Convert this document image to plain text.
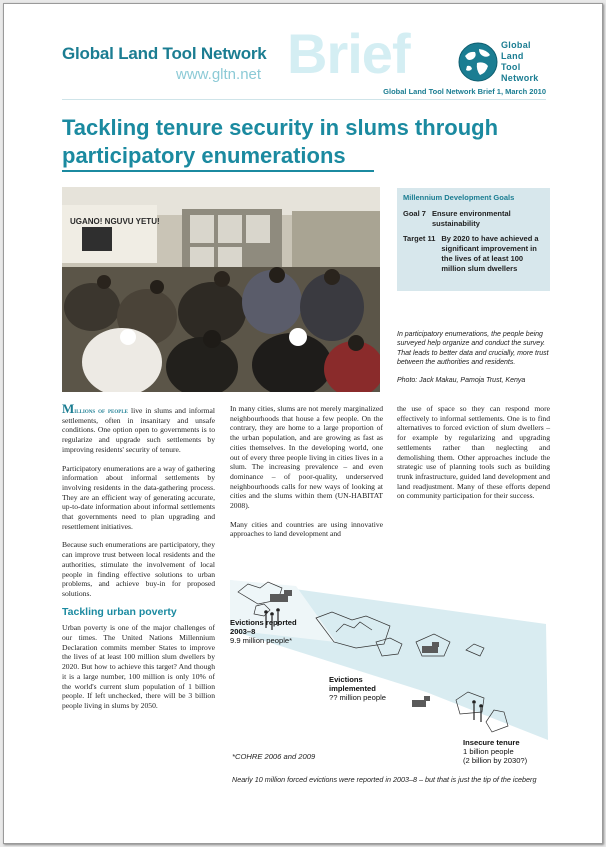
Brief
Global Land Tool Network
www.gltn.net
Global
Land
Tool
Network
Global Land Tool Network Brief 1, March 2010
Tackling tenure security in slums through
participatory enumerations
UGANO! NGUVU YETU!
Millennium Development Goals
Goal 7 Ensure environmental sustainability
Target 11 By 2020 to have achieved a significant improvement in the lives of at least 100 million slum dwellers

In participatory enumerations, the people being surveyed help organize and conduct the survey. That leads to better data and crucially, more trust between the authorities and residents.

Photo: Jack Makau, Pamoja Trust, Kenya

Millions of people live in slums and informal settlements, often in insanitary and unsafe conditions. One option open to governments is to regularize and upgrade such settlements by improving residents' security of tenure.

Participatory enumerations are a way of gathering information about informal settlements by involving residents in the data-gathering process. They are an efficient way of generating accurate, up-to-date information about informal settlements that governments need to plan upgrading and resettlement initiatives.

Because such enumerations are participatory, they can improve trust between local residents and the authorities, stimulate the involvement of local people in finding effective solutions to urban problems, and achieve buy-in for proposed solutions.

Tackling urban poverty

Urban poverty is one of the major challenges of our times. The United Nations Millennium Declaration commits member States to improve the lives of at least 100 million slum dwellers by 2020. But how to achieve this target? And though it is a large number, 100 million is only 10% of the world's current slum population of 1 billion people. If left unchecked, there will be 3 billion people living in slums by 2050.

In many cities, slums are not merely marginalized neighbourhoods that house a few people. On the contrary, they are home to a large proportion of the urban population, and are growing as fast as cities themselves. In the developing world, one out of every three people living in cities lives in a slum. The increasing prevalence – and even dominance – of poor-quality, underserved neighbourhoods calls for new ways of looking at cities and the slums within them (UN-HABITAT 2008).

Many cities and countries are using innovative approaches to land development and

the use of space so they can respond more effectively to informal settlements. One is to find alternatives to forced eviction of slum dwellers – for example by regularizing and upgrading settlements rather than neglecting and demolishing them. Other approaches include the strategic use of planning tools such as building trunk infrastructure, guided land development and land readjustment. Many of these efforts depend on community participation for their success.

Evictions reported 2003–8
9.9 million people*
Evictions implemented
?? million people
Insecure tenure
1 billion people
(2 billion by 2030?)
*COHRE 2006 and 2009
Nearly 10 million forced evictions were reported in 2003–8 – but that is just the tip of the iceberg
